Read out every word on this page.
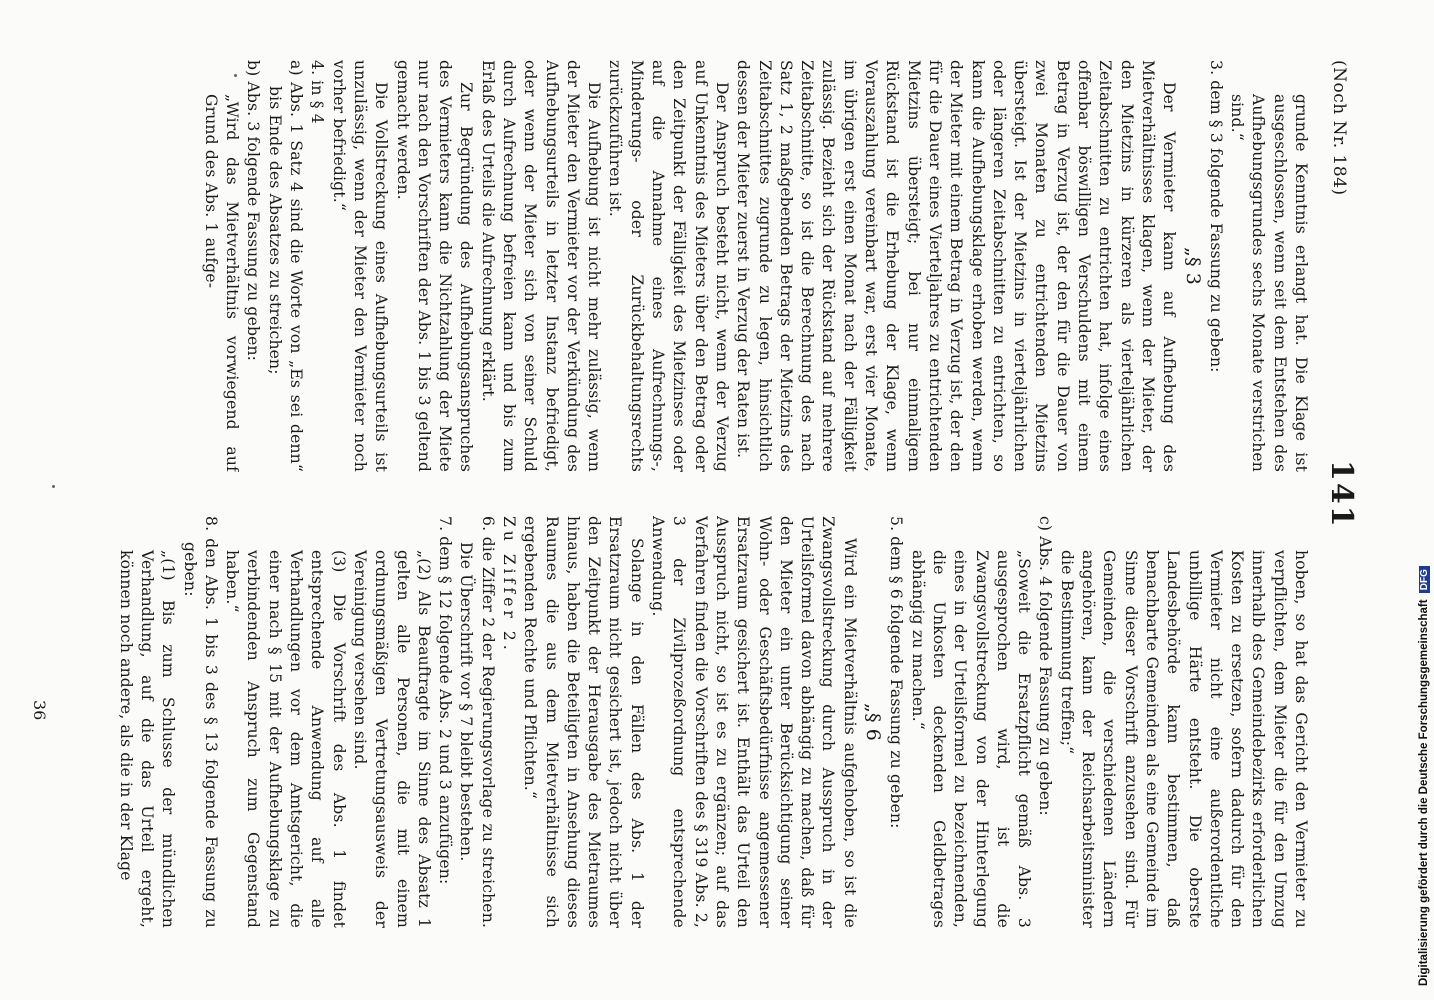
(Noch Nr. 184)
141

grunde Kenntnis erlangt hat. Die Klage ist ausgeschlossen, wenn seit dem Entstehen des Aufhebungsgrundes sechs Monate verstrichen sind.“

3. dem § 3 folgende Fassung zu geben:

„§ 3

Der Vermieter kann auf Aufhebung des Mietverhältnisses klagen, wenn der Mieter, der den Mietzins in kürzeren als vierteljährlichen Zeitabschnitten zu entrichten hat, infolge eines offenbar böswilligen Verschuldens mit einem Betrag in Verzug ist, der den für die Dauer von zwei Monaten zu entrichtenden Mietzins übersteigt. Ist der Mietzins in vierteljährlichen oder längeren Zeitabschnitten zu entrichten, so kann die Aufhebungsklage erhoben werden, wenn der Mieter mit einem Betrag in Verzug ist, der den für die Dauer eines Vierteljahres zu entrichtenden Mietzins übersteigt; bei nur einmaligem Rückstand ist die Erhebung der Klage, wenn Vorauszahlung vereinbart war, erst vier Monate, im übrigen erst einen Monat nach der Fälligkeit zulässig. Bezieht sich der Rückstand auf mehrere Zeitabschnitte, so ist die Berechnung des nach Satz 1, 2 maßgebenden Betrags der Mietzins des Zeitabschnittes zugrunde zu legen, hinsichtlich dessen der Mieter zuerst in Verzug der Raten ist.

Der Anspruch besteht nicht, wenn der Verzug auf Unkenntnis des Mieters über den Betrag oder den Zeitpunkt der Fälligkeit des Mietzinses oder auf die Annahme eines Aufrechnungs-, Minderungs- oder Zurückbehaltungsrechts zurückzuführen ist.

Die Aufhebung ist nicht mehr zulässig, wenn der Mieter den Vermieter vor der Verkündung des Aufhebungsurteils in letzter Instanz befriedigt, oder wenn der Mieter sich von seiner Schuld durch Aufrechnung befreien kann und bis zum Erlaß des Urteils die Aufrechnung erklärt.

Zur Begründung des Aufhebungsanspruches des Vermieters kann die Nichtzahlung der Miete nur nach den Vorschriften der Abs. 1 bis 3 geltend gemacht werden.

Die Vollstreckung eines Aufhebungsurteils ist unzulässig, wenn der Mieter den Vermieter noch vorher befriedigt.“

4. in § 4

a) Abs. 1 Satz 4 sind die Worte von „Es sei denn“ bis Ende des Absatzes zu streichen;

b) Abs. 3 folgende Fassung zu geben:

„Wird das Mietverhältnis vorwiegend auf Grund des Abs. 1 aufge-

hoben, so hat das Gericht den Vermieter zu verpflichten, dem Mieter die für den Umzug innerhalb des Gemeindebezirks erforderlichen Kosten zu ersetzen, sofern dadurch für den Vermieter nicht eine außerordentliche unbillige Härte entsteht. Die oberste Landesbehörde kann bestimmen, daß benachbarte Gemeinden als eine Gemeinde im Sinne dieser Vorschrift anzusehen sind. Für Gemeinden, die verschiedenen Ländern angehören, kann der Reichsarbeitsminister die Bestimmung treffen;“

c) Abs. 4 folgende Fassung zu geben:

„Soweit die Ersatzpflicht gemäß Abs. 3 ausgesprochen wird, ist die Zwangsvollstreckung von der Hinterlegung eines in der Urteilsformel zu bezeichnenden, die Unkosten deckenden Geldbetrages abhängig zu machen.“

5. dem § 6 folgende Fassung zu geben:

„§ 6

Wird ein Mietverhältnis aufgehoben, so ist die Zwangsvollstreckung durch Ausspruch in der Urteilsformel davon abhängig zu machen, daß für den Mieter ein unter Berücksichtigung seiner Wohn- oder Geschäftsbedürfnisse angemessener Ersatzraum gesichert ist. Enthält das Urteil den Ausspruch nicht, so ist es zu ergänzen; auf das Verfahren finden die Vorschriften des § 319 Abs. 2, 3 der Zivilprozeßordnung entsprechende Anwendung.

Solange in den Fällen des Abs. 1 der Ersatzraum nicht gesichert ist, jedoch nicht über den Zeitpunkt der Herausgabe des Mietraumes hinaus, haben die Beteiligten in Ansehung dieses Raumes die aus dem Mietverhältnisse sich ergebenden Rechte und Pflichten.“

Zu Ziffer 2.

6. die Ziffer 2 der Regierungsvorlage zu streichen. Die Überschrift vor § 7 bleibt bestehen.

7. dem § 12 folgende Abs. 2 und 3 anzufügen:

„(2) Als Beauftragte im Sinne des Absatz 1 gelten alle Personen, die mit einem ordnungsmäßigen Vertretungsausweis der Vereinigung versehen sind.

(3) Die Vorschrift des Abs. 1 findet entsprechende Anwendung auf alle Verhandlungen vor dem Amtsgericht, die einer nach § 15 mit der Aufhebungsklage zu verbindenden Anspruch zum Gegenstand haben.“

8. den Abs. 1 bis 3 des § 13 folgende Fassung zu geben:

„(1) Bis zum Schlusse der mündlichen Verhandlung, auf die das Urteil ergeht, können noch andere, als die in der Klage

36	Digitalisierung gefördert durch die Deutsche Forschungsgemeinschaft DFG
